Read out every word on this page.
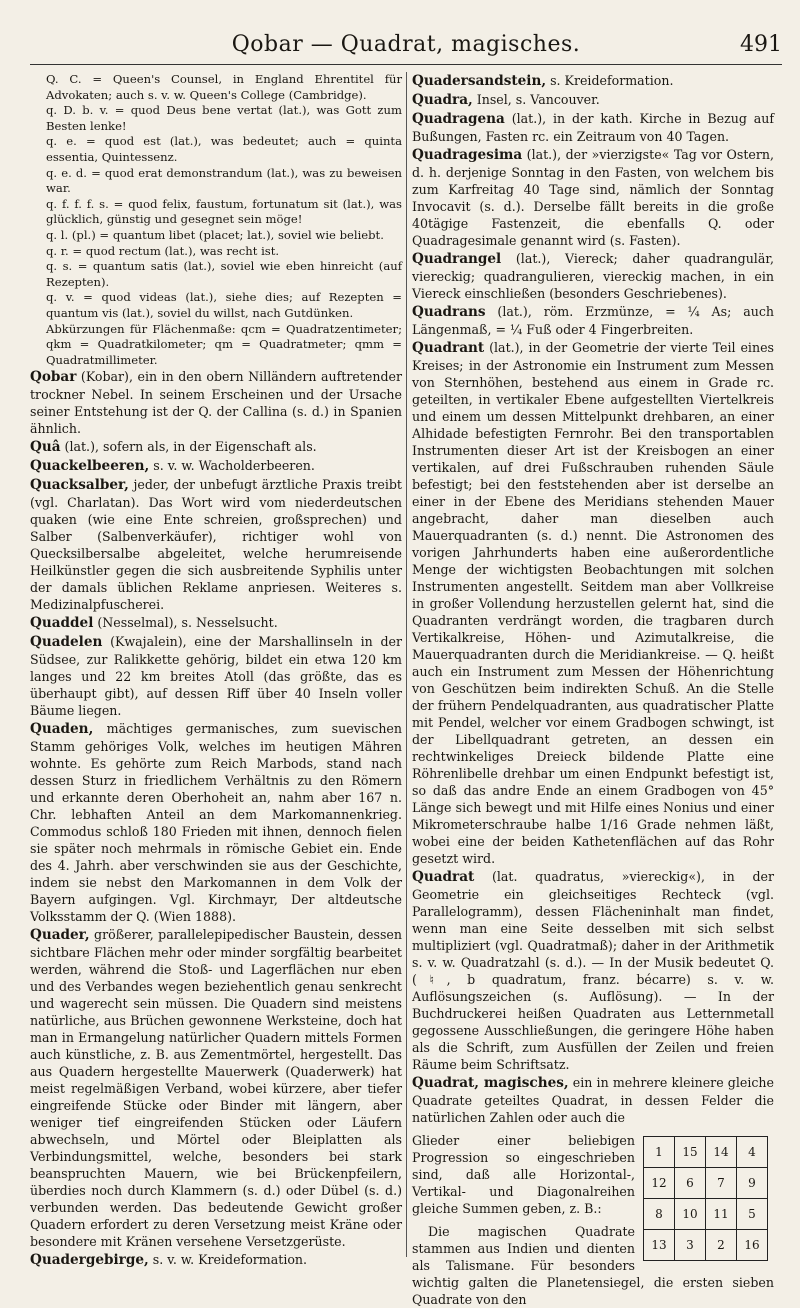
Qobar — Quadrat, magisches.	491
Q. C. = Queen's Counsel, in England Ehrentitel für Advokaten; auch s. v. w. Queen's College (Cambridge).
q. D. b. v. = quod Deus bene vertat (lat.), was Gott zum Besten lenke!
q. e. = quod est (lat.), was bedeutet; auch = quinta essentia, Quintessenz.
q. e. d. = quod erat demonstrandum (lat.), was zu beweisen war.
q. f. f. f. s. = quod felix, faustum, fortunatum sit (lat.), was glücklich, günstig und gesegnet sein möge!
q. l. (pl.) = quantum libet (placet; lat.), soviel wie beliebt.
q. r. = quod rectum (lat.), was recht ist.
q. s. = quantum satis (lat.), soviel wie eben hinreicht (auf Rezepten).
q. v. = quod videas (lat.), siehe dies; auf Rezepten = quantum vis (lat.), soviel du willst, nach Gutdünken.
Abkürzungen für Flächenmaße: qcm = Quadratzentimeter; qkm = Quadratkilometer; qm = Quadratmeter; qmm = Quadratmillimeter.
Qobar (Kobar), ein in den obern Nilländern auftretender trockner Nebel. In seinem Erscheinen und der Ursache seiner Entstehung ist der Q. der Callina (s. d.) in Spanien ähnlich.
Quâ (lat.), sofern als, in der Eigenschaft als.
Quackelbeeren, s. v. w. Wacholderbeeren.
Quacksalber, jeder, der unbefugt ärztliche Praxis treibt (vgl. Charlatan). Das Wort wird vom niederdeutschen quaken (wie eine Ente schreien, großsprechen) und Salber (Salbenverkäufer), richtiger wohl von Quecksilbersalbe abgeleitet, welche herumreisende Heilkünstler gegen die sich ausbreitende Syphilis unter der damals üblichen Reklame anpriesen. Weiteres s. Medizinalpfuscherei.
Quaddel (Nesselmal), s. Nesselsucht.
Quadelen (Kwajalein), eine der Marshallinseln in der Südsee, zur Ralikkette gehörig, bildet ein etwa 120 km langes und 22 km breites Atoll (das größte, das es überhaupt gibt), auf dessen Riff über 40 Inseln voller Bäume liegen.
Quaden, mächtiges germanisches, zum suevischen Stamm gehöriges Volk, welches im heutigen Mähren wohnte. Es gehörte zum Reich Marbods, stand nach dessen Sturz in friedlichem Verhältnis zu den Römern und erkannte deren Oberhoheit an, nahm aber 167 n. Chr. lebhaften Anteil an dem Markomannenkrieg. Commodus schloß 180 Frieden mit ihnen, dennoch fielen sie später noch mehrmals in römische Gebiet ein. Ende des 4. Jahrh. aber verschwinden sie aus der Geschichte, indem sie nebst den Markomannen in dem Volk der Bayern aufgingen. Vgl. Kirchmayr, Der altdeutsche Volksstamm der Q. (Wien 1888).
Quader, größerer, parallelepipedischer Baustein, dessen sichtbare Flächen mehr oder minder sorgfältig bearbeitet werden, während die Stoß- und Lagerflächen nur eben und des Verbandes wegen beziehentlich genau senkrecht und wagerecht sein müssen. Die Quadern sind meistens natürliche, aus Brüchen gewonnene Werksteine, doch hat man in Ermangelung natürlicher Quadern mittels Formen auch künstliche, z. B. aus Zementmörtel, hergestellt. Das aus Quadern hergestellte Mauerwerk (Quaderwerk) hat meist regelmäßigen Verband, wobei kürzere, aber tiefer eingreifende Stücke oder Binder mit längern, aber weniger tief eingreifenden Stücken oder Läufern abwechseln, und Mörtel oder Bleiplatten als Verbindungsmittel, welche, besonders bei stark beanspruchten Mauern, wie bei Brückenpfeilern, überdies noch durch Klammern (s. d.) oder Dübel (s. d.) verbunden werden. Das bedeutende Gewicht großer Quadern erfordert zu deren Versetzung meist Kräne oder besondere mit Kränen versehene Versetzgerüste.
Quadergebirge, s. v. w. Kreideformation.
Quadersandstein, s. Kreideformation.
Quadra, Insel, s. Vancouver.
Quadragena (lat.), in der kath. Kirche in Bezug auf Bußungen, Fasten rc. ein Zeitraum von 40 Tagen.
Quadragesima (lat.), der »vierzigste« Tag vor Ostern, d. h. derjenige Sonntag in den Fasten, von welchem bis zum Karfreitag 40 Tage sind, nämlich der Sonntag Invocavit (s. d.). Derselbe fällt bereits in die große 40tägige Fastenzeit, die ebenfalls Q. oder Quadragesimale genannt wird (s. Fasten).
Quadrangel (lat.), Viereck; daher quadrangulär, viereckig; quadrangulieren, viereckig machen, in ein Viereck einschließen (besonders Geschriebenes).
Quadrans (lat.), röm. Erzmünze, = ¼ As; auch Längenmaß, = ¼ Fuß oder 4 Fingerbreiten.
Quadrant (lat.), in der Geometrie der vierte Teil eines Kreises; in der Astronomie ein Instrument zum Messen von Sternhöhen, bestehend aus einem in Grade rc. geteilten, in vertikaler Ebene aufgestellten Viertelkreis und einem um dessen Mittelpunkt drehbaren, an einer Alhidade befestigten Fernrohr. Bei den transportablen Instrumenten dieser Art ist der Kreisbogen an einer vertikalen, auf drei Fußschrauben ruhenden Säule befestigt; bei den feststehenden aber ist derselbe an einer in der Ebene des Meridians stehenden Mauer angebracht, daher man dieselben auch Mauerquadranten (s. d.) nennt. Die Astronomen des vorigen Jahrhunderts haben eine außerordentliche Menge der wichtigsten Beobachtungen mit solchen Instrumenten angestellt. Seitdem man aber Vollkreise in großer Vollendung herzustellen gelernt hat, sind die Quadranten verdrängt worden, die tragbaren durch Vertikalkreise, Höhen- und Azimutalkreise, die Mauerquadranten durch die Meridiankreise. — Q. heißt auch ein Instrument zum Messen der Höhenrichtung von Geschützen beim indirekten Schuß. An die Stelle der frühern Pendelquadranten, aus quadratischer Platte mit Pendel, welcher vor einem Gradbogen schwingt, ist der Libellquadrant getreten, an dessen ein rechtwinkeliges Dreieck bildende Platte eine Röhrenlibelle drehbar um einen Endpunkt befestigt ist, so daß das andre Ende an einem Gradbogen von 45° Länge sich bewegt und mit Hilfe eines Nonius und einer Mikrometerschraube halbe 1/16 Grade nehmen läßt, wobei eine der beiden Kathetenflächen auf das Rohr gesetzt wird.
Quadrat (lat. quadratus, »viereckig«), in der Geometrie ein gleichseitiges Rechteck (vgl. Parallelogramm), dessen Flächeninhalt man findet, wenn man eine Seite desselben mit sich selbst multipliziert (vgl. Quadratmaß); daher in der Arithmetik s. v. w. Quadratzahl (s. d.). — In der Musik bedeutet Q. (♮, b quadratum, franz. bécarre) s. v. w. Auflösungszeichen (s. Auflösung). — In der Buchdruckerei heißen Quadraten aus Letternmetall gegossene Ausschließungen, die geringere Höhe haben als die Schrift, zum Ausfüllen der Zeilen und freien Räume beim Schriftsatz.
Quadrat, magisches, ein in mehrere kleinere gleiche Quadrate geteiltes Quadrat, in dessen Felder die natürlichen Zahlen oder auch die
1	15	14	4
12	6	7	9
8	10	11	5
13	3	2	16
Glieder einer beliebigen Progression so eingeschrieben sind, daß alle Horizontal-, Vertikal- und Diagonalreihen gleiche Summen geben, z. B.:
Die magischen Quadrate stammen aus Indien und dienten als Talismane. Für besonders wichtig galten die Planetensiegel, die ersten sieben Quadrate von den
